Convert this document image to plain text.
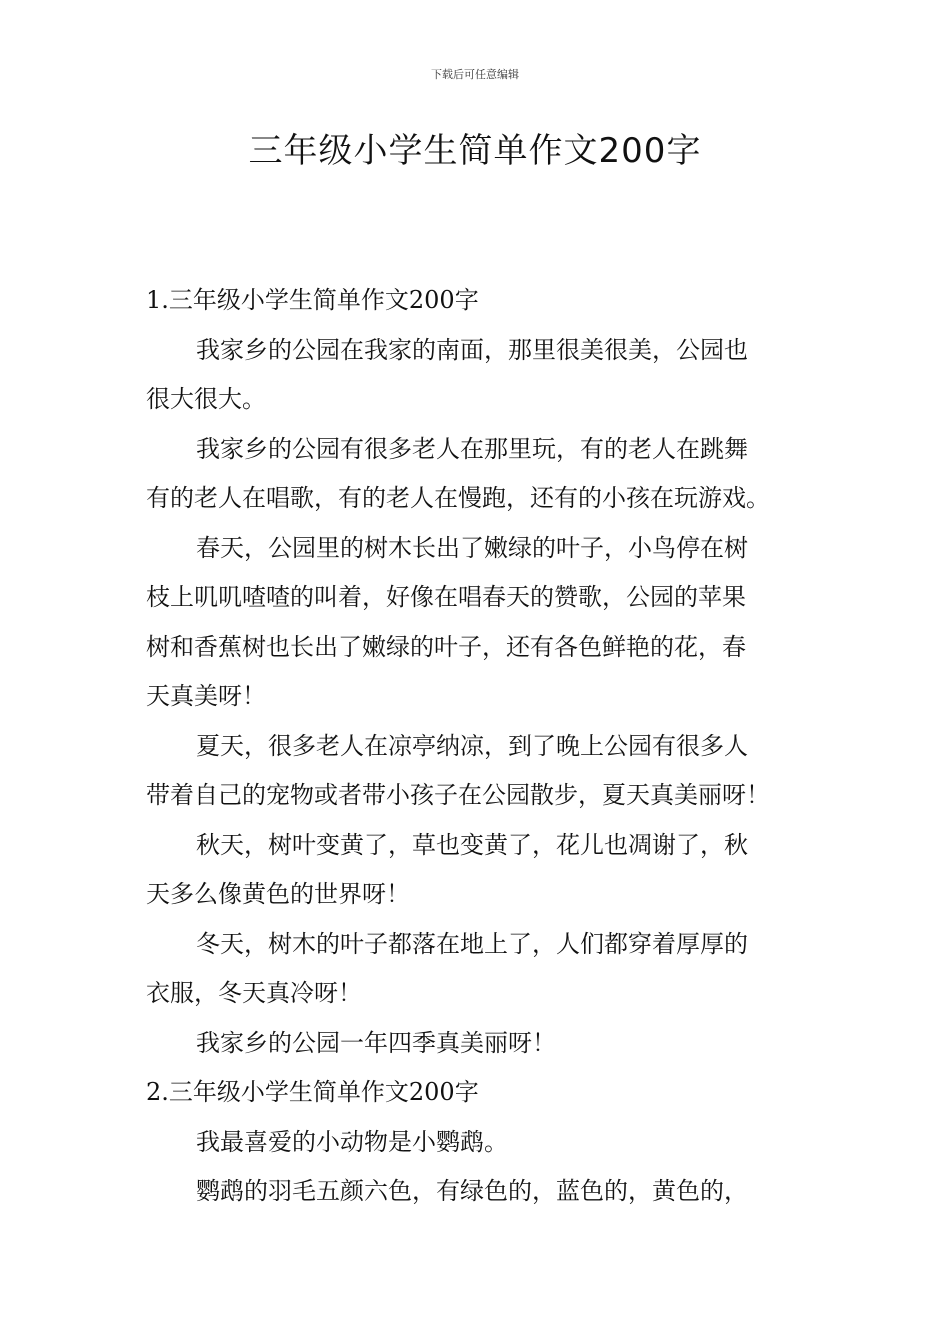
下载后可任意编辑
三年级小学生简单作文200字
1.三年级小学生简单作文200字
我家乡的公园在我家的南面，那里很美很美，公园也
很大很大。
我家乡的公园有很多老人在那里玩，有的老人在跳舞
有的老人在唱歌，有的老人在慢跑，还有的小孩在玩游戏。
春天，公园里的树木长出了嫩绿的叶子，小鸟停在树
枝上叽叽喳喳的叫着，好像在唱春天的赞歌，公园的苹果
树和香蕉树也长出了嫩绿的叶子，还有各色鲜艳的花，春
天真美呀！
夏天，很多老人在凉亭纳凉，到了晚上公园有很多人
带着自己的宠物或者带小孩子在公园散步，夏天真美丽呀！
秋天，树叶变黄了，草也变黄了，花儿也凋谢了，秋
天多么像黄色的世界呀！
冬天，树木的叶子都落在地上了，人们都穿着厚厚的
衣服，冬天真冷呀！
我家乡的公园一年四季真美丽呀！
2.三年级小学生简单作文200字
我最喜爱的小动物是小鹦鹉。
鹦鹉的羽毛五颜六色，有绿色的，蓝色的，黄色的，
